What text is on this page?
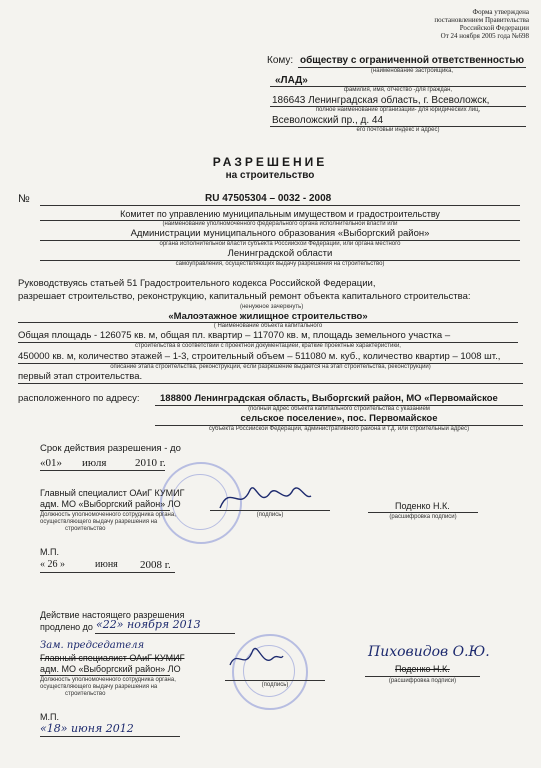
Форма утверждена
постановлением Правительства
Российской Федерации
От 24 ноября 2005 года №698
Кому: обществу с ограниченной ответственностью
(наименование застройщика,
«ЛАД»
фамилия, имя, отчество -для граждан,
186643 Ленинградская область, г. Всеволожск,
полное наименование организации- для юридических лиц,
Всеволожский пр., д. 44
его почтовый индекс и адрес)
РАЗРЕШЕНИЕ
на строительство
№	RU 47505304 – 0032 - 2008
Комитет по управлению муниципальным имуществом и градостроительству
(наименование уполномоченного федерального органа исполнительной власти или
Администрации муниципального образования «Выборгский район»
органа исполнительной власти субъекта Российской Федерации, или органа местного
Ленинградской области
самоуправления, осуществляющих выдачу разрешения на строительство)
Руководствуясь статьей 51 Градостроительного кодекса Российской Федерации,
разрешает строительство, реконструкцию, капитальный ремонт объекта капитального строительства:
(ненужное зачеркнуть)
«Малоэтажное жилищное строительство»
( Наименование объекта капитального
Общая площадь - 126075 кв. м, общая пл. квартир – 117070 кв. м, площадь земельного участка –
строительства в соответствии с проектной документацией, краткие проектные характеристики,
450000 кв. м, количество этажей – 1-3, строительный объем – 511080 м. куб., количество квартир – 1008 шт.,
описание этапа строительства, реконструкции, если разрешение выдается на этап строительства, реконструкции)
первый этап строительства.
расположенного по адресу: 188800 Ленинградская область, Выборгский район, МО «Первомайское
(полный адрес объекта капитального строительства с указанием
сельское поселение», пос. Первомайское
субъекта Российской Федерации, административного района и т.д. или строительный адрес)
Срок действия разрешения - до
«01» июля	2010 г.
Главный специалист ОАиГ КУМИГ
адм. МО «Выборгский район» ЛО
Должность уполномоченного сотрудника органа,
осуществляющего выдачу разрешения на
строительство
(подпись)
Поденко Н.К.
(расшифровка подписи)
М.П.
« 26 »	июня 2008 г.
Действие настоящего разрешения
продлено до «22» ноября 2013
Зам. председателя
Главный специалист ОАиГ КУМИГ
адм. МО «Выборгский район» ЛО
Должность уполномоченного сотрудника органа,
осуществляющего выдачу разрешения на
строительство
(подпись)
Поденко Н.К.
Пиховидов О.Ю.
(расшифровка подписи)
М.П.
«18» июня 2012
